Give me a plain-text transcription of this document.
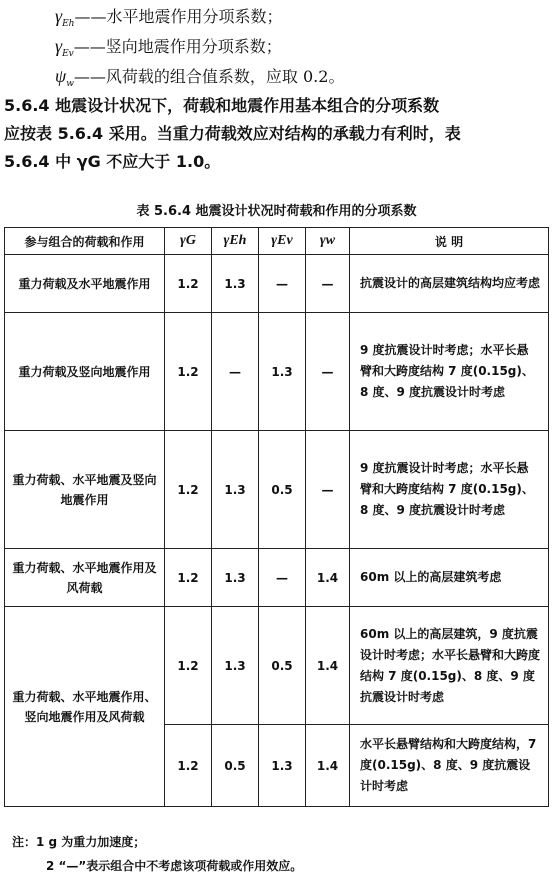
$\gamma_{Eh}——$水平地震作用分项系数；
$\gamma_{Ev}——$竖向地震作用分项系数；
$\psi_w——$风荷载的组合值系数，应取 0.2。
5.6.4 地震设计状况下，荷载和地震作用基本组合的分项系数
应按表 5.6.4 采用。当重力荷载效应对结构的承载力有利时，表
5.6.4 中 γG 不应大于 1.0。
表 5.6.4 地震设计状况时荷载和作用的分项系数
参与组合的荷载和作用	γG	γEh	γEv	γw	说 明
重力荷载及水平地震作用	1.2	1.3	—	—	抗震设计的高层建筑结构均应考虑
重力荷载及竖向地震作用	1.2	—	1.3	—	9 度抗震设计时考虑；水平长悬臂和大跨度结构 7 度(0.15g)、8 度、9 度抗震设计时考虑
重力荷载、水平地震及竖向地震作用	1.2	1.3	0.5	—	9 度抗震设计时考虑；水平长悬臂和大跨度结构 7 度(0.15g)、8 度、9 度抗震设计时考虑
重力荷载、水平地震作用及风荷载	1.2	1.3	—	1.4	60m 以上的高层建筑考虑
重力荷载、水平地震作用、竖向地震作用及风荷载	1.2	1.3	0.5	1.4	60m 以上的高层建筑，9 度抗震设计时考虑；水平长悬臂和大跨度结构 7 度(0.15g)、8 度、9 度抗震设计时考虑
	1.2	0.5	1.3	1.4	水平长悬臂结构和大跨度结构，7 度(0.15g)、8 度、9 度抗震设计时考虑
注：1 g 为重力加速度；
2 “—”表示组合中不考虑该项荷载或作用效应。
